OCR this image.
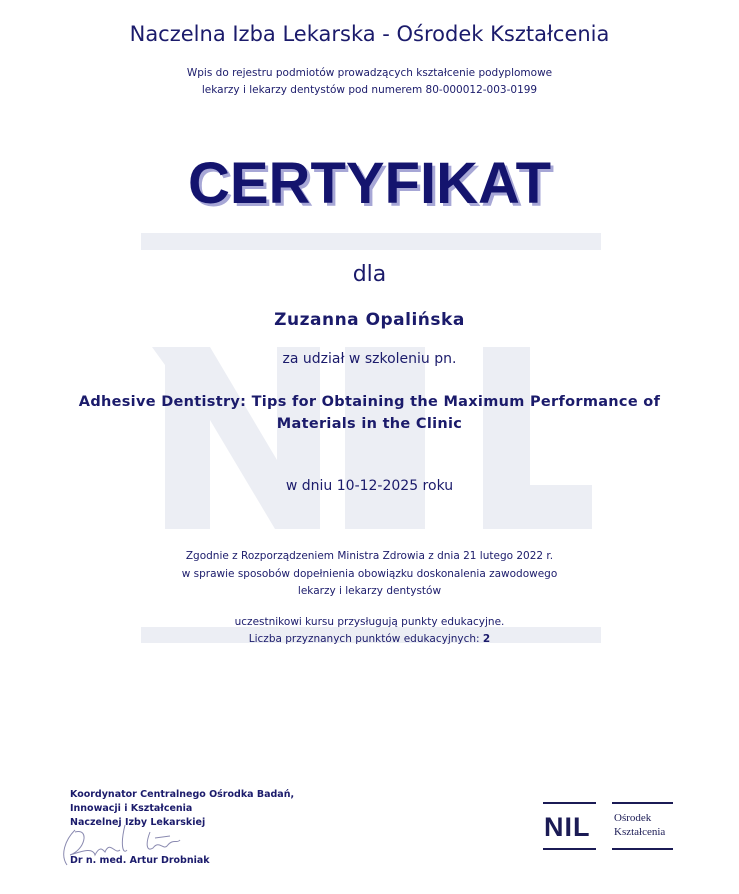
Naczelna Izba Lekarska - Ośrodek Kształcenia
Wpis do rejestru podmiotów prowadzących kształcenie podyplomowe
lekarzy i lekarzy dentystów pod numerem 80-000012-003-0199
CERTYFIKAT
dla
Zuzanna Opalińska
za udział w szkoleniu pn.
Adhesive Dentistry: Tips for Obtaining the Maximum Performance of
Materials in the Clinic
w dniu 10-12-2025 roku
Zgodnie z Rozporządzeniem Ministra Zdrowia z dnia 21 lutego 2022 r.
w sprawie sposobów dopełnienia obowiązku doskonalenia zawodowego
lekarzy i lekarzy dentystów
uczestnikowi kursu przysługują punkty edukacyjne.
Liczba przyznanych punktów edukacyjnych: 2
Koordynator Centralnego Ośrodka Badań,
Innowacji i Kształcenia
Naczelnej Izby Lekarskiej
Dr n. med. Artur Drobniak
NIL Ośrodek
Kształcenia
